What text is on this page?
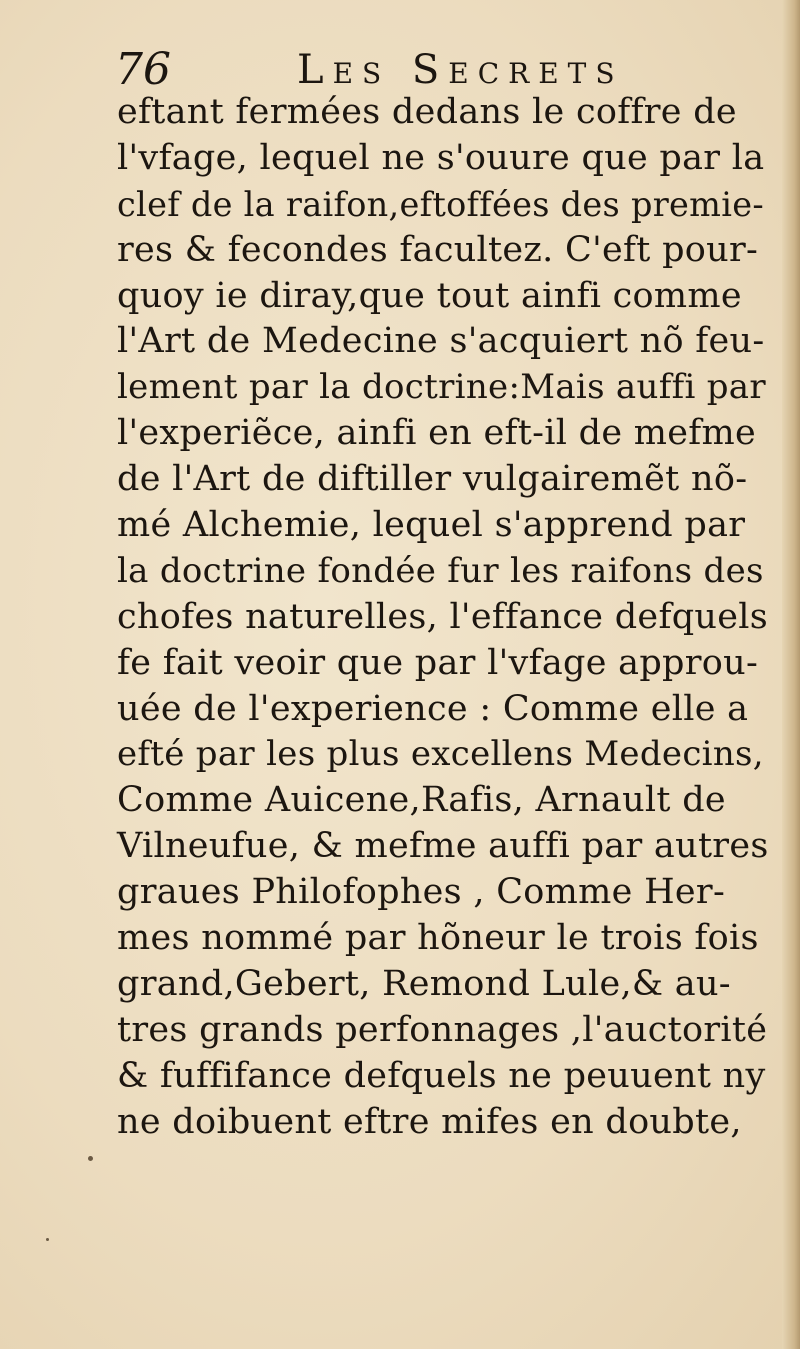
76	Les Secrets
eftant fermées dedans le coffre de
l'vfage, lequel ne s'ouure que par la
clef de la raifon,eftoffées des premie-
res & fecondes facultez. C'eft pour-
quoy ie diray,que tout ainfi comme
l'Art de Medecine s'acquiert nõ feu-
lement par la doctrine:Mais auffi par
l'experiẽce, ainfi en eft-il de mefme
de l'Art de diftiller vulgairemẽt nõ-
mé Alchemie, lequel s'apprend par
la doctrine fondée fur les raifons des
chofes naturelles, l'effance defquels
fe fait veoir que par l'vfage approu-
uée de l'experience : Comme elle a
efté par les plus excellens Medecins,
Comme Auicene,Rafis, Arnault de
Vilneufue, & mefme auffi par autres
graues Philofophes , Comme Her-
mes nommé par hõneur le trois fois
grand,Gebert, Remond Lule,& au-
tres grands perfonnages ,l'auctorité
& fuffifance defquels ne peuuent ny
ne doibuent eftre mifes en doubte,
